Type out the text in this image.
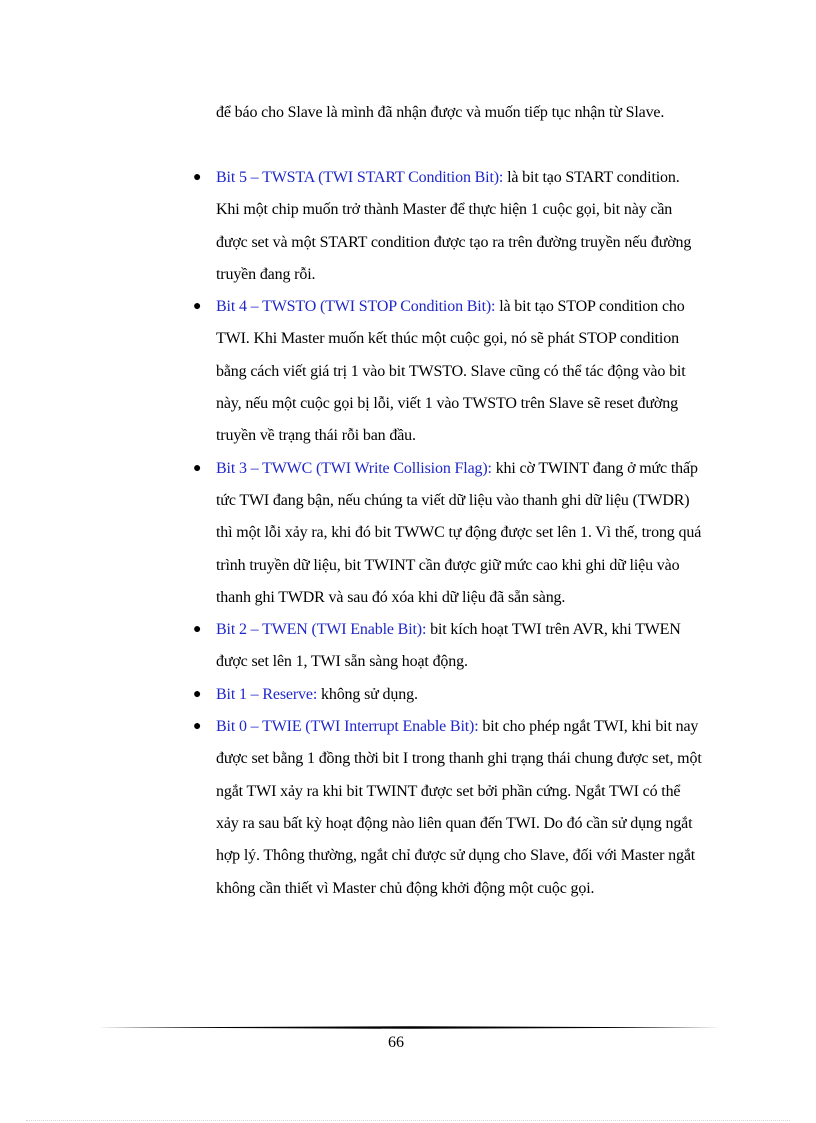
để báo cho Slave là mình đã nhận được và muốn tiếp tục nhận từ Slave.
● Bit 5 – TWSTA (TWI START Condition Bit): là bit tạo START condition. Khi một chip muốn trở thành Master để thực hiện 1 cuộc gọi, bit này cần được set và một START condition được tạo ra trên đường truyền nếu đường truyền đang rỗi.
● Bit 4 – TWSTO (TWI STOP Condition Bit): là bit tạo STOP condition cho TWI. Khi Master muốn kết thúc một cuộc gọi, nó sẽ phát STOP condition bằng cách viết giá trị 1 vào bit TWSTO. Slave cũng có thể tác động vào bit này, nếu một cuộc gọi bị lỗi, viết 1 vào TWSTO trên Slave sẽ reset đường truyền về trạng thái rỗi ban đầu.
● Bit 3 – TWWC (TWI Write Collision Flag): khi cờ TWINT đang ở mức thấp tức TWI đang bận, nếu chúng ta viết dữ liệu vào thanh ghi dữ liệu (TWDR) thì một lỗi xảy ra, khi đó bit TWWC tự động được set lên 1. Vì thế, trong quá trình truyền dữ liệu, bit TWINT cần được giữ mức cao khi ghi dữ liệu vào thanh ghi TWDR và sau đó xóa khi dữ liệu đã sẵn sàng.
● Bit 2 – TWEN (TWI Enable Bit): bit kích hoạt TWI trên AVR, khi TWEN được set lên 1, TWI sẵn sàng hoạt động.
● Bit 1 – Reserve: không sử dụng.
● Bit 0 – TWIE (TWI Interrupt Enable Bit): bit cho phép ngắt TWI, khi bit nay được set bằng 1 đồng thời bit I trong thanh ghi trạng thái chung được set, một ngắt TWI xảy ra khi bit TWINT được set bởi phần cứng. Ngắt TWI có thể xảy ra sau bất kỳ hoạt động nào liên quan đến TWI. Do đó cần sử dụng ngắt hợp lý. Thông thường, ngắt chỉ được sử dụng cho Slave, đối với Master ngắt không cần thiết vì Master chủ động khởi động một cuộc gọi.
66
